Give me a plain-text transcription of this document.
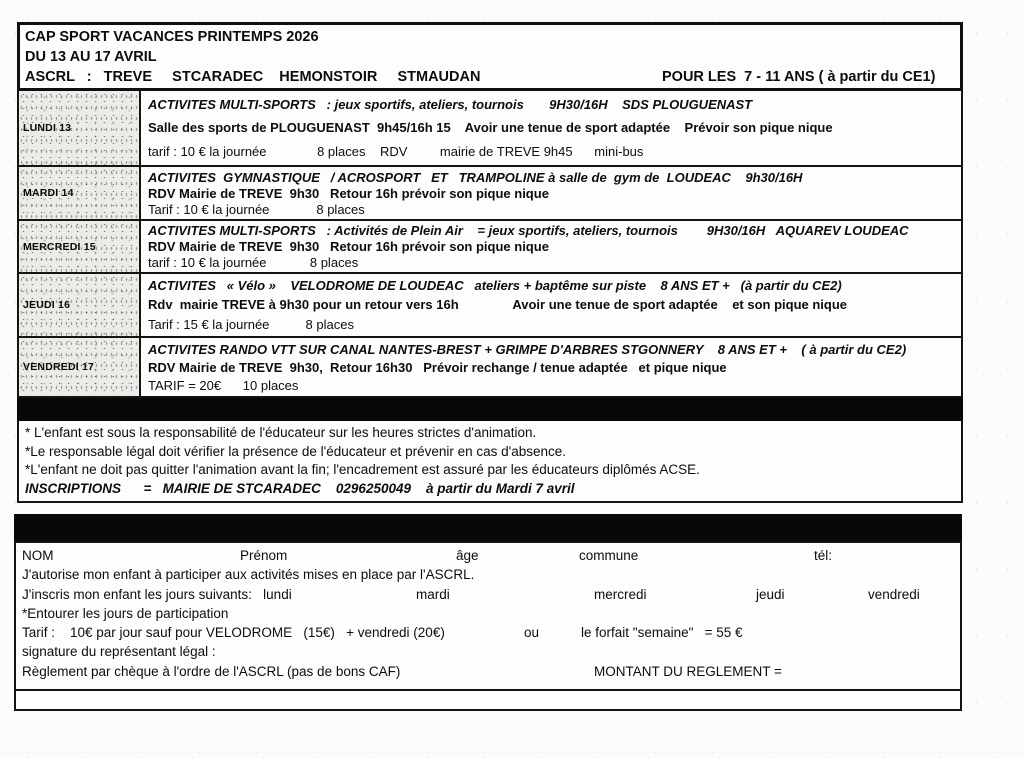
CAP SPORT VACANCES PRINTEMPS 2026
DU 13 AU 17 AVRIL
ASCRL   :   TREVE     STCARADEC    HEMONSTOIR     STMAUDAN	POUR LES  7 - 11 ANS ( à partir du CE1)
LUNDI 13
ACTIVITES MULTI-SPORTS   : jeux sportifs, ateliers, tournois       9H30/16H    SDS PLOUGUENAST
Salle des sports de PLOUGUENAST  9h45/16h 15    Avoir une tenue de sport adaptée    Prévoir son pique nique
tarif : 10 € la journée              8 places    RDV         mairie de TREVE 9h45      mini-bus
MARDI 14
ACTIVITES  GYMNASTIQUE   / ACROSPORT   ET   TRAMPOLINE à salle de  gym de  LOUDEAC    9h30/16H
RDV Mairie de TREVE  9h30   Retour 16h prévoir son pique nique
Tarif : 10 € la journée             8 places
MERCREDI 15
ACTIVITES MULTI-SPORTS   : Activités de Plein Air    = jeux sportifs, ateliers, tournois        9H30/16H   AQUAREV LOUDEAC
RDV Mairie de TREVE  9h30   Retour 16h prévoir son pique nique
tarif : 10 € la journée            8 places
JEUDI 16
ACTIVITES   « Vélo »    VELODROME DE LOUDEAC   ateliers + baptême sur piste    8 ANS ET +   (à partir du CE2)
Rdv  mairie TREVE à 9h30 pour un retour vers 16h               Avoir une tenue de sport adaptée    et son pique nique
Tarif : 15 € la journée          8 places
VENDREDI 17
ACTIVITES RANDO VTT SUR CANAL NANTES-BREST + GRIMPE D'ARBRES STGONNERY    8 ANS ET +    ( à partir du CE2)
RDV Mairie de TREVE  9h30,  Retour 16h30   Prévoir rechange / tenue adaptée   et pique nique
TARIF = 20€      10 places
* L'enfant est sous la responsabilité de l'éducateur sur les heures strictes d'animation.
*Le responsable légal doit vérifier la présence de l'éducateur et prévenir en cas d'absence.
*L'enfant ne doit pas quitter l'animation avant la fin; l'encadrement est assuré par les éducateurs diplômés ACSE.
INSCRIPTIONS      =   MAIRIE DE STCARADEC    0296250049    à partir du Mardi 7 avril
NOM	Prénom	âge	commune	tél:
J'autorise mon enfant à participer aux activités mises en place par l'ASCRL.
J'inscris mon enfant les jours suivants:   lundi	mardi	mercredi	jeudi	vendredi
*Entourer les jours de participation
Tarif :    10€ par jour sauf pour VELODROME   (15€)   + vendredi (20€)	ou	le forfait "semaine"   = 55 €
signature du représentant légal :
Règlement par chèque à l'ordre de l'ASCRL (pas de bons CAF)	MONTANT DU REGLEMENT =
